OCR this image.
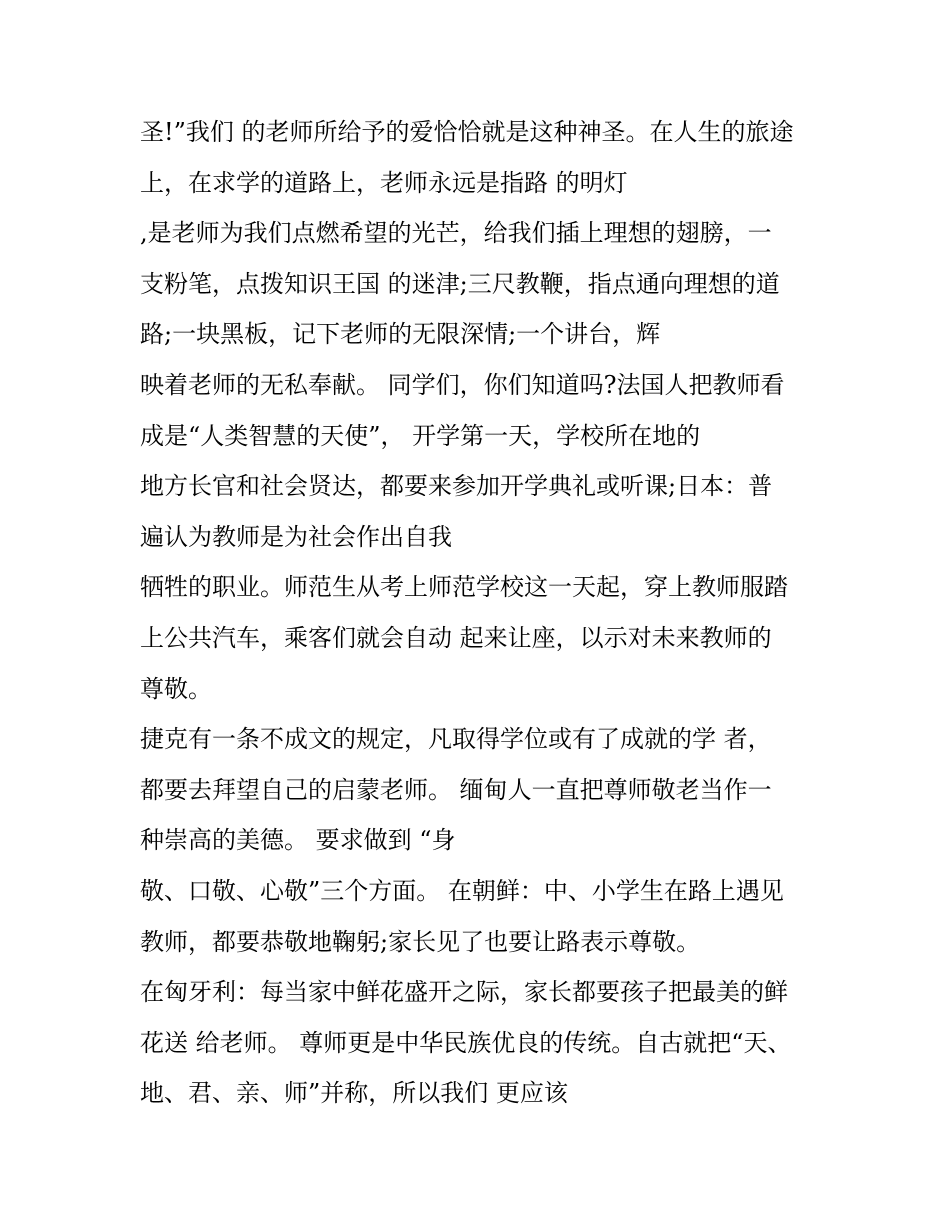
圣!”我们 的老师所给予的爱恰恰就是这种神圣。在人生的旅途
上，在求学的道路上，老师永远是指路 的明灯
,是老师为我们点燃希望的光芒，给我们插上理想的翅膀，一
支粉笔，点拨知识王国 的迷津;三尺教鞭，指点通向理想的道
路;一块黑板，记下老师的无限深情;一个讲台，辉
映着老师的无私奉献。 同学们，你们知道吗?法国人把教师看
成是“人类智慧的天使”， 开学第一天，学校所在地的
地方长官和社会贤达，都要来参加开学典礼或听课;日本：普
遍认为教师是为社会作出自我
牺牲的职业。师范生从考上师范学校这一天起，穿上教师服踏
上公共汽车，乘客们就会自动 起来让座，以示对未来教师的
尊敬。
捷克有一条不成文的规定，凡取得学位或有了成就的学 者，
都要去拜望自己的启蒙老师。 缅甸人一直把尊师敬老当作一
种崇高的美德。 要求做到 “身
敬、口敬、心敬”三个方面。 在朝鲜：中、小学生在路上遇见
教师，都要恭敬地鞠躬;家长见了也要让路表示尊敬。
在匈牙利：每当家中鲜花盛开之际，家长都要孩子把最美的鲜
花送 给老师。 尊师更是中华民族优良的传统。自古就把“天、
地、君、亲、师”并称，所以我们 更应该
